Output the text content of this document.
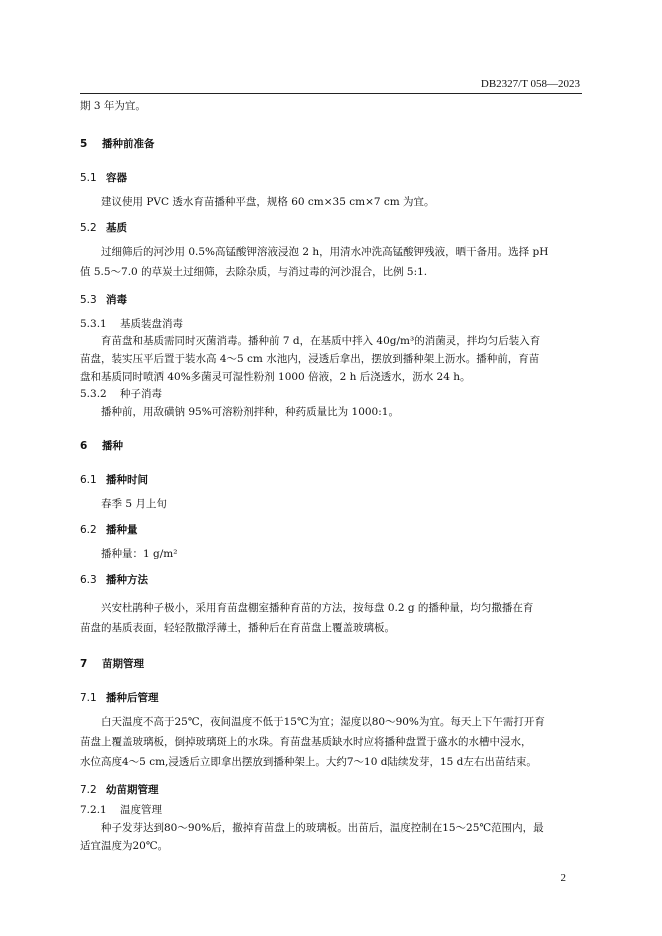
DB2327/T 058—2023
期 3 年为宜。
5 播种前准备
5.1 容器
建议使用 PVC 透水育苗播种平盘，规格 60 cm×35 cm×7 cm 为宜。
5.2 基质
过细筛后的河沙用 0.5%高锰酸钾溶液浸泡 2 h，用清水冲洗高锰酸钾残液，晒干备用。选择 pH
值 5.5～7.0 的草炭土过细筛，去除杂质，与消过毒的河沙混合，比例 5:1.
5.3 消毒
5.3.1 基质装盘消毒
育苗盘和基质需同时灭菌消毒。播种前 7 d，在基质中拌入 40g/m³的消菌灵，拌均匀后装入育
苗盘，装实压平后置于装水高 4～5 cm 水池内，浸透后拿出，摆放到播种架上沥水。播种前，育苗
盘和基质同时喷洒 40%多菌灵可湿性粉剂 1000 倍液，2 h 后浇透水，沥水 24 h。
5.3.2 种子消毒
播种前，用敌磺钠 95%可溶粉剂拌种，种药质量比为 1000:1。
6 播种
6.1 播种时间
春季 5 月上旬
6.2 播种量
播种量：1 g/m²
6.3 播种方法
兴安杜鹃种子极小，采用育苗盘棚室播种育苗的方法，按每盘 0.2 g 的播种量，均匀撒播在育
苗盘的基质表面，轻轻散撒浮薄土，播种后在育苗盘上覆盖玻璃板。
7 苗期管理
7.1 播种后管理
白天温度不高于25℃，夜间温度不低于15℃为宜；湿度以80～90%为宜。每天上下午需打开育
苗盘上覆盖玻璃板，倒掉玻璃斑上的水珠。育苗盘基质缺水时应将播种盘置于盛水的水槽中浸水，
水位高度4～5 cm,浸透后立即拿出摆放到播种架上。大约7～10 d陆续发芽，15 d左右出苗结束。
7.2 幼苗期管理
7.2.1 温度管理
种子发芽达到80～90%后，撤掉育苗盘上的玻璃板。出苗后，温度控制在15～25℃范围内，最
适宜温度为20℃。
2
